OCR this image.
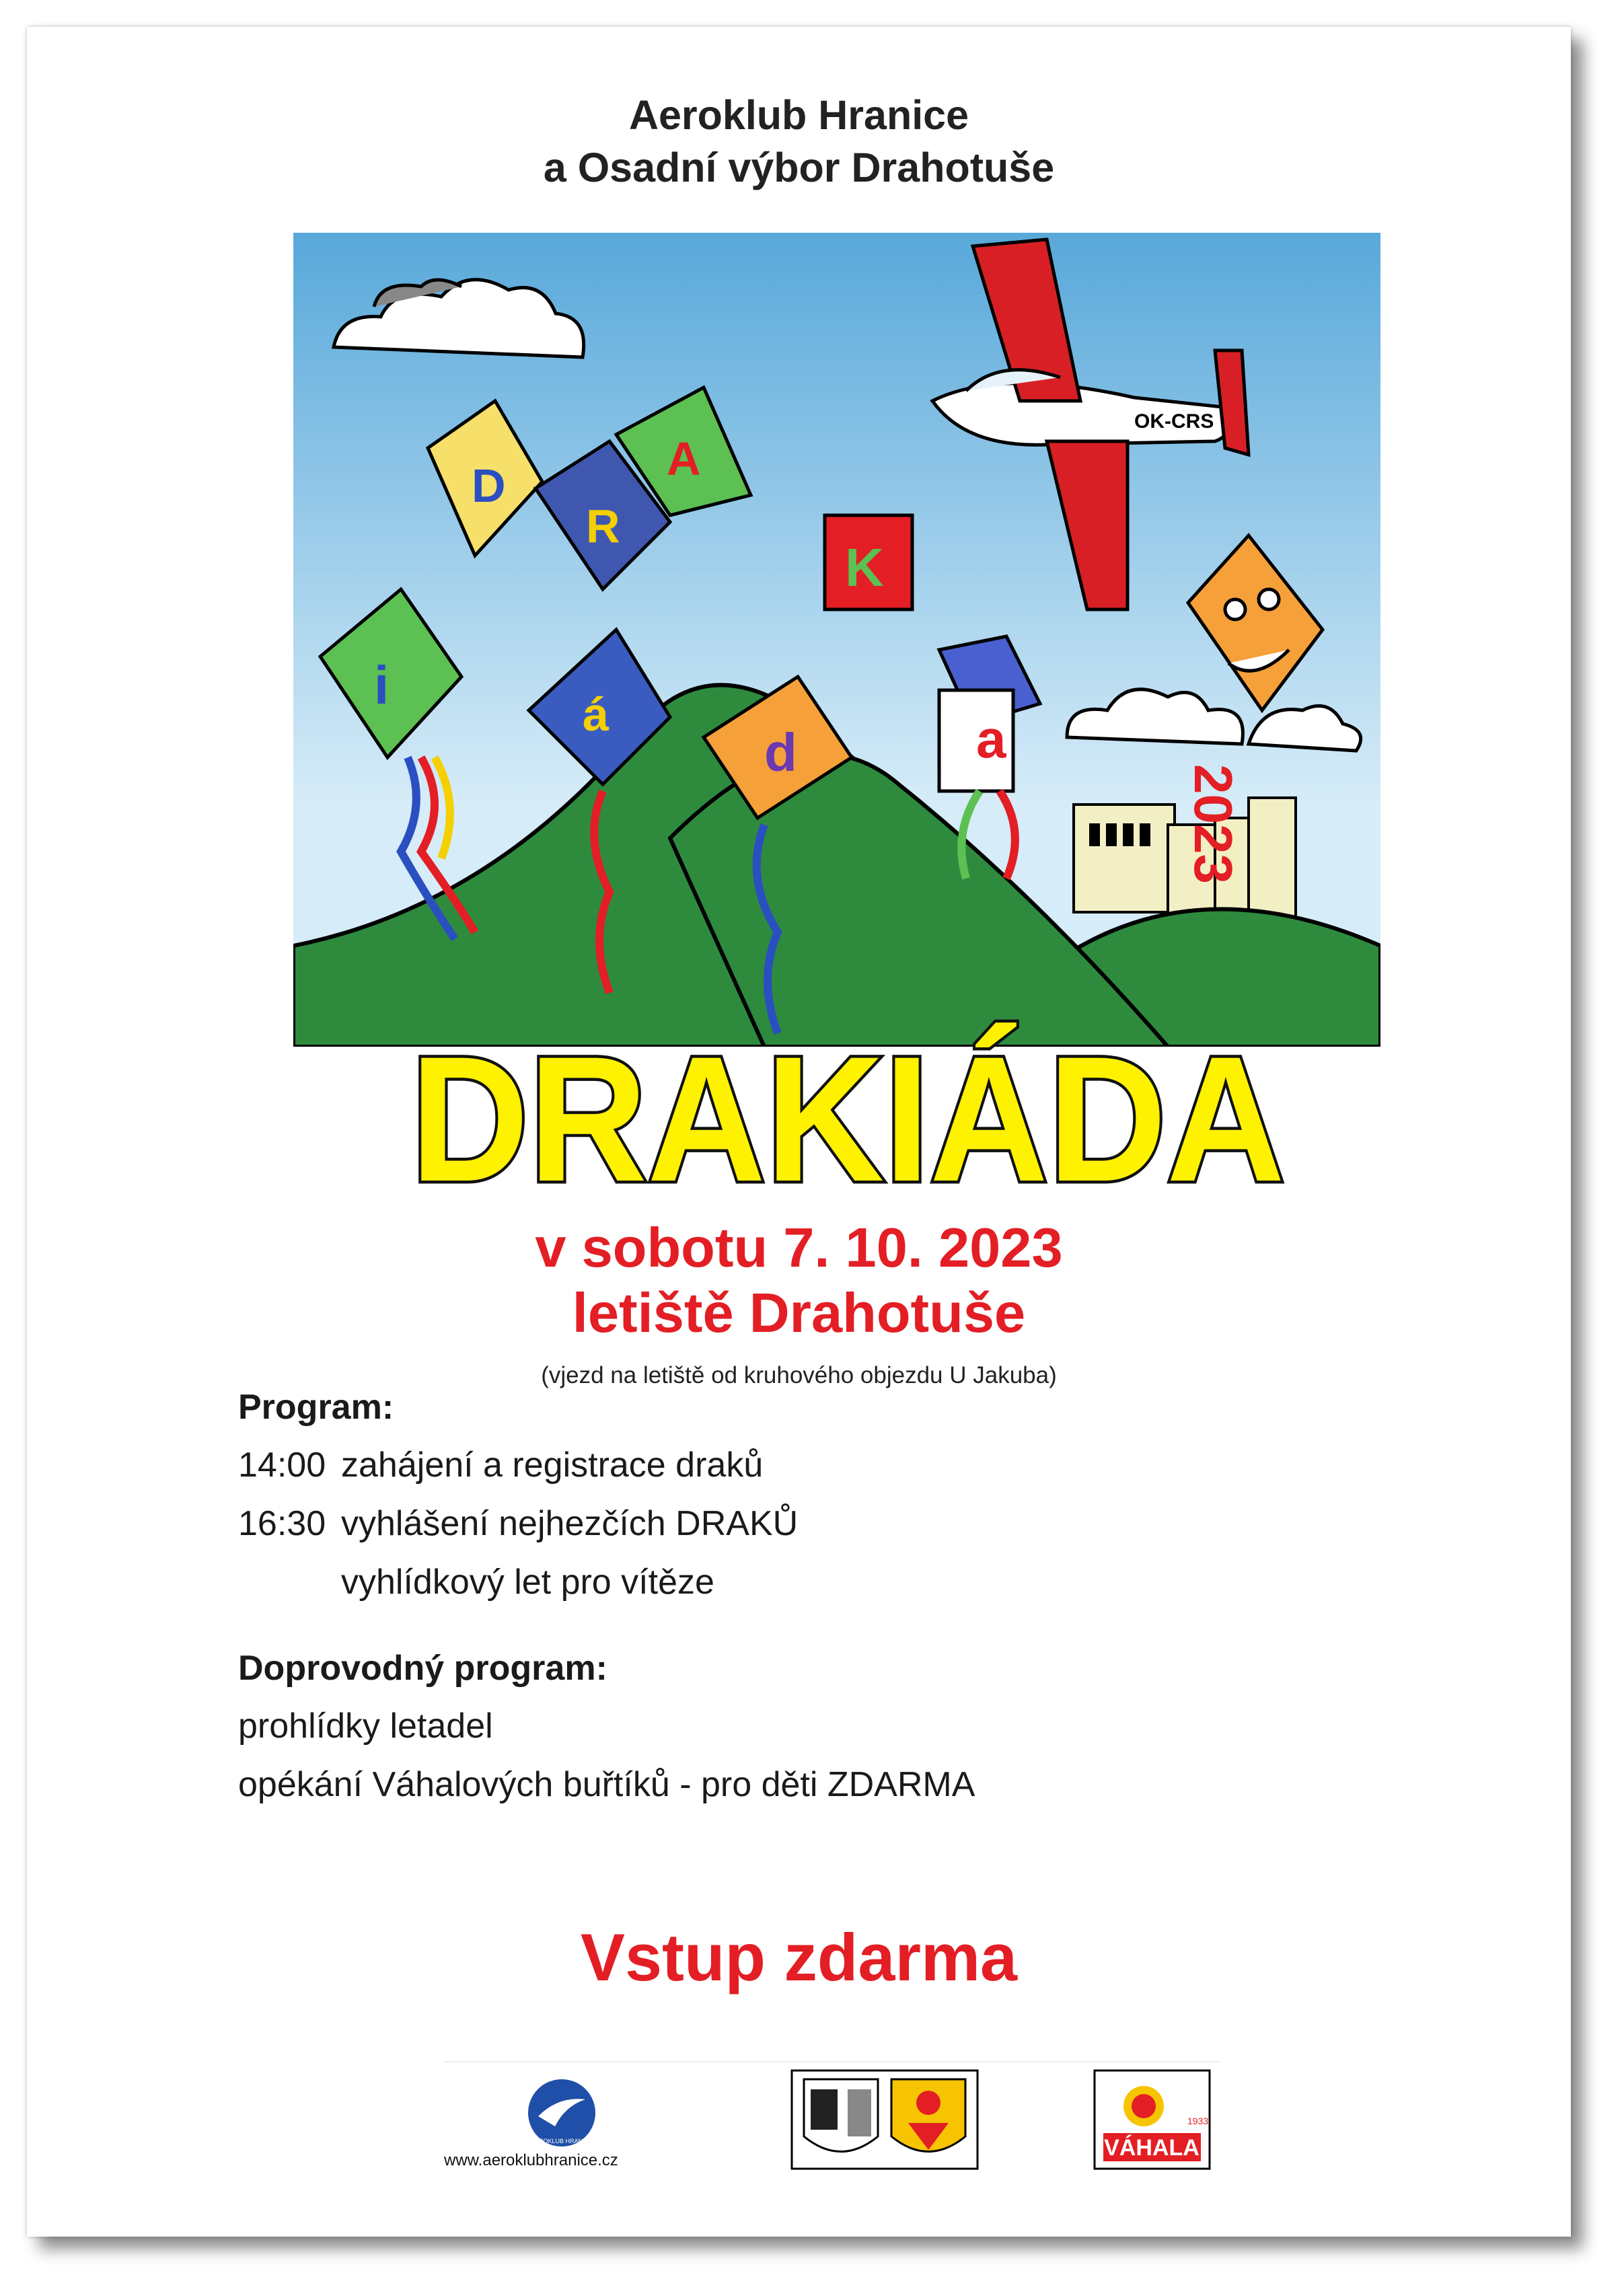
Aeroklub Hranice
a Osadní výbor Drahotuše
OK-CRS
D
R
A
K
i	á
d	a
2023
DRAKIÁDA
v sobotu 7. 10. 2023
letiště Drahotuše
(vjezd na letiště od kruhového objezdu U Jakuba)
Program:
14:00 zahájení a registrace draků
16:30 vyhlášení nejhezčích DRAKŮ
vyhlídkový let pro vítěze
Doprovodný program:
prohlídky letadel
opékání Váhalových buřtíků - pro děti ZDARMA
Vstup zdarma
AEROKLUB HRANICE
www.aeroklubhranice.cz	VÁHALA
1933
